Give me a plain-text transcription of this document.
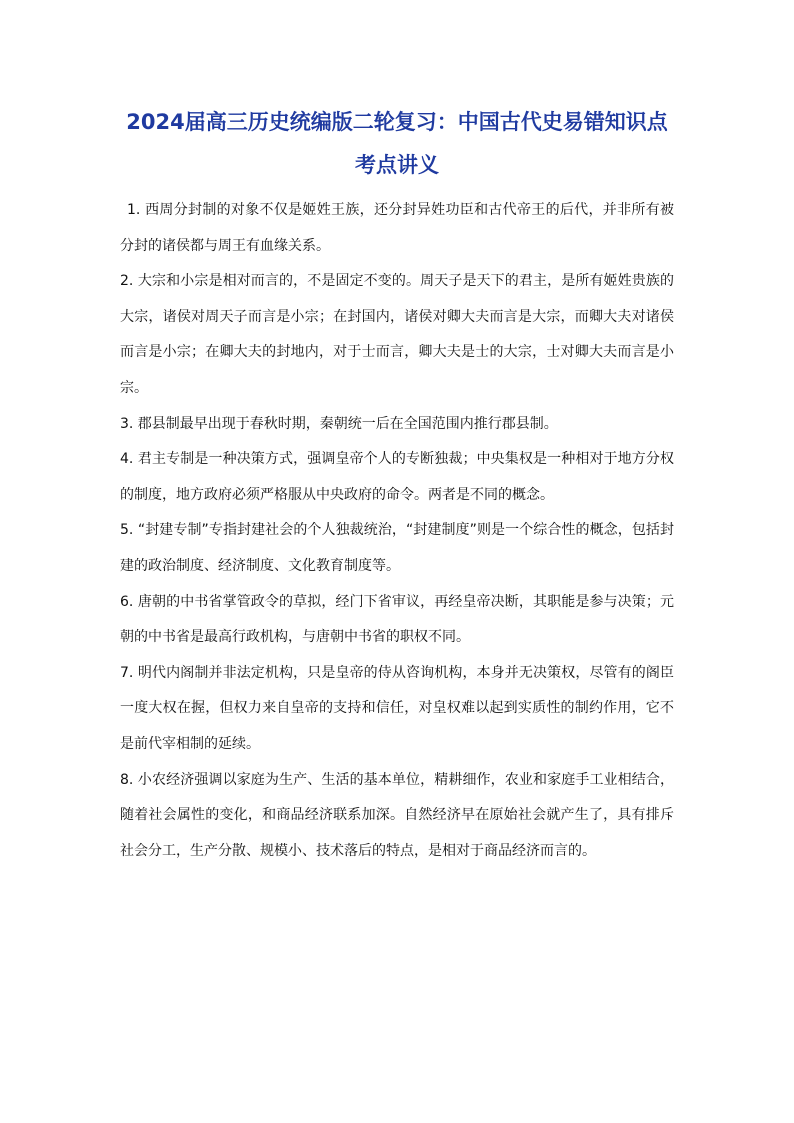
2024届高三历史统编版二轮复习：中国古代史易错知识点考点讲义

1. 西周分封制的对象不仅是姬姓王族，还分封异姓功臣和古代帝王的后代，并非所有被分封的诸侯都与周王有血缘关系。

2. 大宗和小宗是相对而言的，不是固定不变的。周天子是天下的君主，是所有姬姓贵族的大宗，诸侯对周天子而言是小宗；在封国内，诸侯对卿大夫而言是大宗，而卿大夫对诸侯而言是小宗；在卿大夫的封地内，对于士而言，卿大夫是士的大宗，士对卿大夫而言是小宗。

3. 郡县制最早出现于春秋时期，秦朝统一后在全国范围内推行郡县制。

4. 君主专制是一种决策方式，强调皇帝个人的专断独裁；中央集权是一种相对于地方分权的制度，地方政府必须严格服从中央政府的命令。两者是不同的概念。

5. “封建专制”专指封建社会的个人独裁统治，“封建制度”则是一个综合性的概念，包括封建的政治制度、经济制度、文化教育制度等。

6. 唐朝的中书省掌管政令的草拟，经门下省审议，再经皇帝决断，其职能是参与决策；元朝的中书省是最高行政机构，与唐朝中书省的职权不同。

7. 明代内阁制并非法定机构，只是皇帝的侍从咨询机构，本身并无决策权，尽管有的阁臣一度大权在握，但权力来自皇帝的支持和信任，对皇权难以起到实质性的制约作用，它不是前代宰相制的延续。

8. 小农经济强调以家庭为生产、生活的基本单位，精耕细作，农业和家庭手工业相结合，随着社会属性的变化，和商品经济联系加深。自然经济早在原始社会就产生了，具有排斥社会分工，生产分散、规模小、技术落后的特点，是相对于商品经济而言的。
